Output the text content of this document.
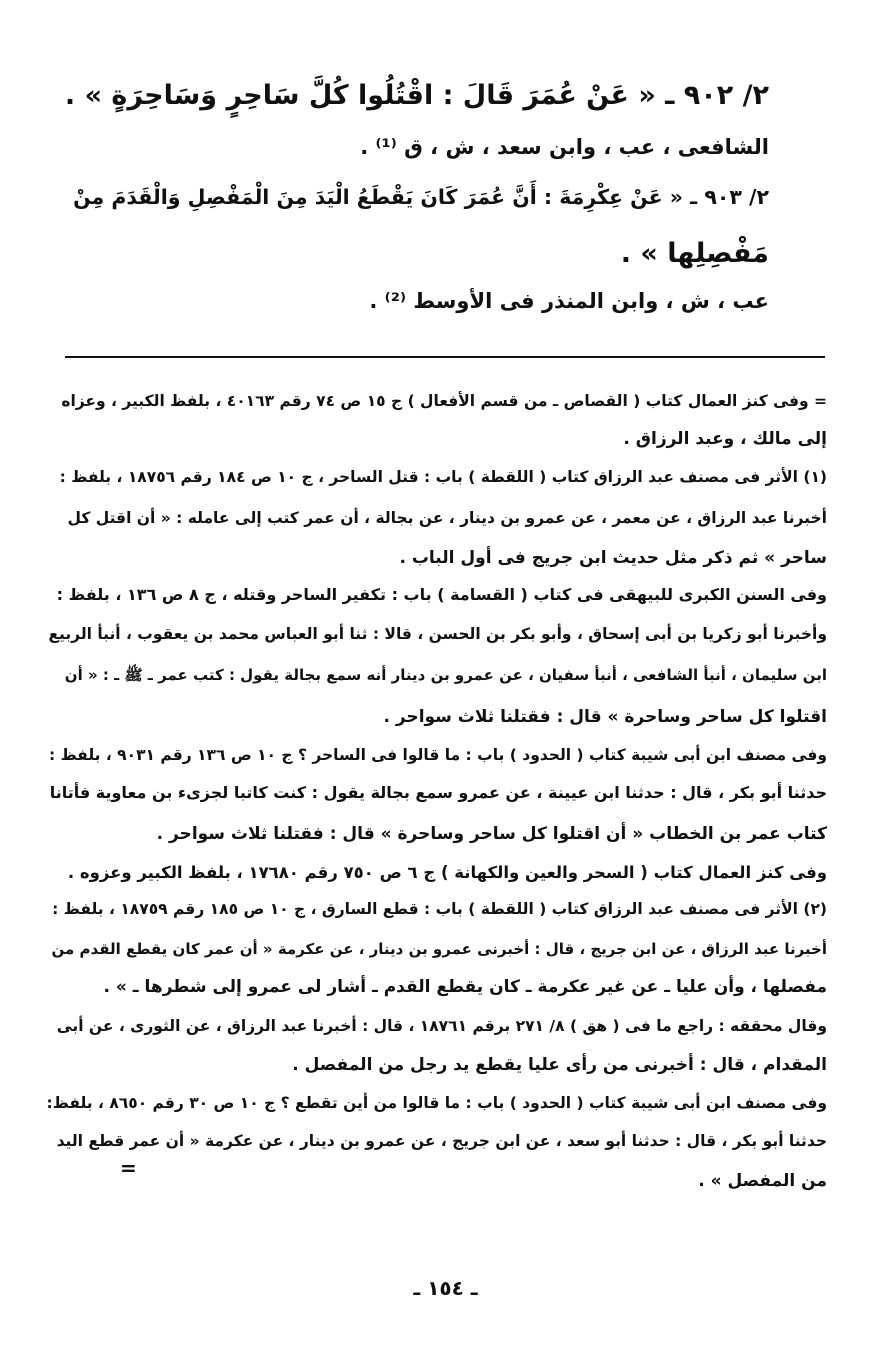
٢/ ٩٠٢ ـ « عَنْ عُمَرَ قَالَ : اقْتُلُوا كُلَّ سَاحِرٍ وَسَاحِرَةٍ » .
الشافعى ، عب ، وابن سعد ، ش ، ق ⁽¹⁾ .
٢/ ٩٠٣ ـ « عَنْ عِكْرِمَةَ : أَنَّ عُمَرَ كَانَ يَقْطَعُ الْيَدَ مِنَ الْمَفْصِلِ وَالْقَدَمَ مِنْ
مَفْصِلِها » .
عب ، ش ، وابن المنذر فى الأوسط ⁽²⁾ .
= وفى كنز العمال كتاب ( القصاص ـ من قسم الأفعال ) ج ١٥ ص ٧٤ رقم ٤٠١٦٣ ، بلفظ الكبير ، وعزاه
إلى مالك ، وعبد الرزاق .
(١) الأثر فى مصنف عبد الرزاق كتاب ( اللقطة ) باب : قتل الساحر ، ج ١٠ ص ١٨٤ رقم ١٨٧٥٦ ، بلفظ :
أخبرنا عبد الرزاق ، عن معمر ، عن عمرو بن دينار ، عن بجالة ، أن عمر كتب إلى عامله : « أن اقتل كل
ساحر » ثم ذكر مثل حديث ابن جريج فى أول الباب .
وفى السنن الكبرى للبيهقى فى كتاب ( القسامة ) باب : تكفير الساحر وقتله ، ج ٨ ص ١٣٦ ، بلفظ :
وأخبرنا أبو زكريا بن أبى إسحاق ، وأبو بكر بن الحسن ، قالا : ثنا أبو العباس محمد بن يعقوب ، أنبأ الربيع
ابن سليمان ، أنبأ الشافعى ، أنبأ سفيان ، عن عمرو بن دينار أنه سمع بجالة يقول : كتب عمر ـ ﷺ ـ : « أن
اقتلوا كل ساحر وساحرة » قال : فقتلنا ثلاث سواحر .
وفى مصنف ابن أبى شيبة كتاب ( الحدود ) باب : ما قالوا فى الساحر ؟ ج ١٠ ص ١٣٦ رقم ٩٠٣١ ، بلفظ :
حدثنا أبو بكر ، قال : حدثنا ابن عيينة ، عن عمرو سمع بجالة يقول : كنت كاتبا لجزىء بن معاوية فأتانا
كتاب عمر بن الخطاب « أن اقتلوا كل ساحر وساحرة » قال : فقتلنا ثلاث سواحر .
وفى كنز العمال كتاب ( السحر والعين والكهانة ) ج ٦ ص ٧٥٠ رقم ١٧٦٨٠ ، بلفظ الكبير وعزوه .
(٢) الأثر فى مصنف عبد الرزاق كتاب ( اللقطة ) باب : قطع السارق ، ج ١٠ ص ١٨٥ رقم ١٨٧٥٩ ، بلفظ :
أخبرنا عبد الرزاق ، عن ابن جريج ، قال : أخبرنى عمرو بن دينار ، عن عكرمة « أن عمر كان يقطع القدم من
مفصلها ، وأن عليا ـ عن غير عكرمة ـ كان يقطع القدم ـ أشار لى عمرو إلى شطرها ـ » .
وقال محققه : راجع ما فى ( هق ) ٨/ ٢٧١ برقم ١٨٧٦١ ، قال : أخبرنا عبد الرزاق ، عن الثورى ، عن أبى
المقدام ، قال : أخبرنى من رأى عليا يقطع يد رجل من المفصل .
وفى مصنف ابن أبى شيبة كتاب ( الحدود ) باب : ما قالوا من أين تقطع ؟ ج ١٠ ص ٣٠ رقم ٨٦٥٠ ، بلفظ:
حدثنا أبو بكر ، قال : حدثنا أبو سعد ، عن ابن جريج ، عن عمرو بن دينار ، عن عكرمة « أن عمر قطع اليد
من المفصل » .
=
ـ ١٥٤ ـ
